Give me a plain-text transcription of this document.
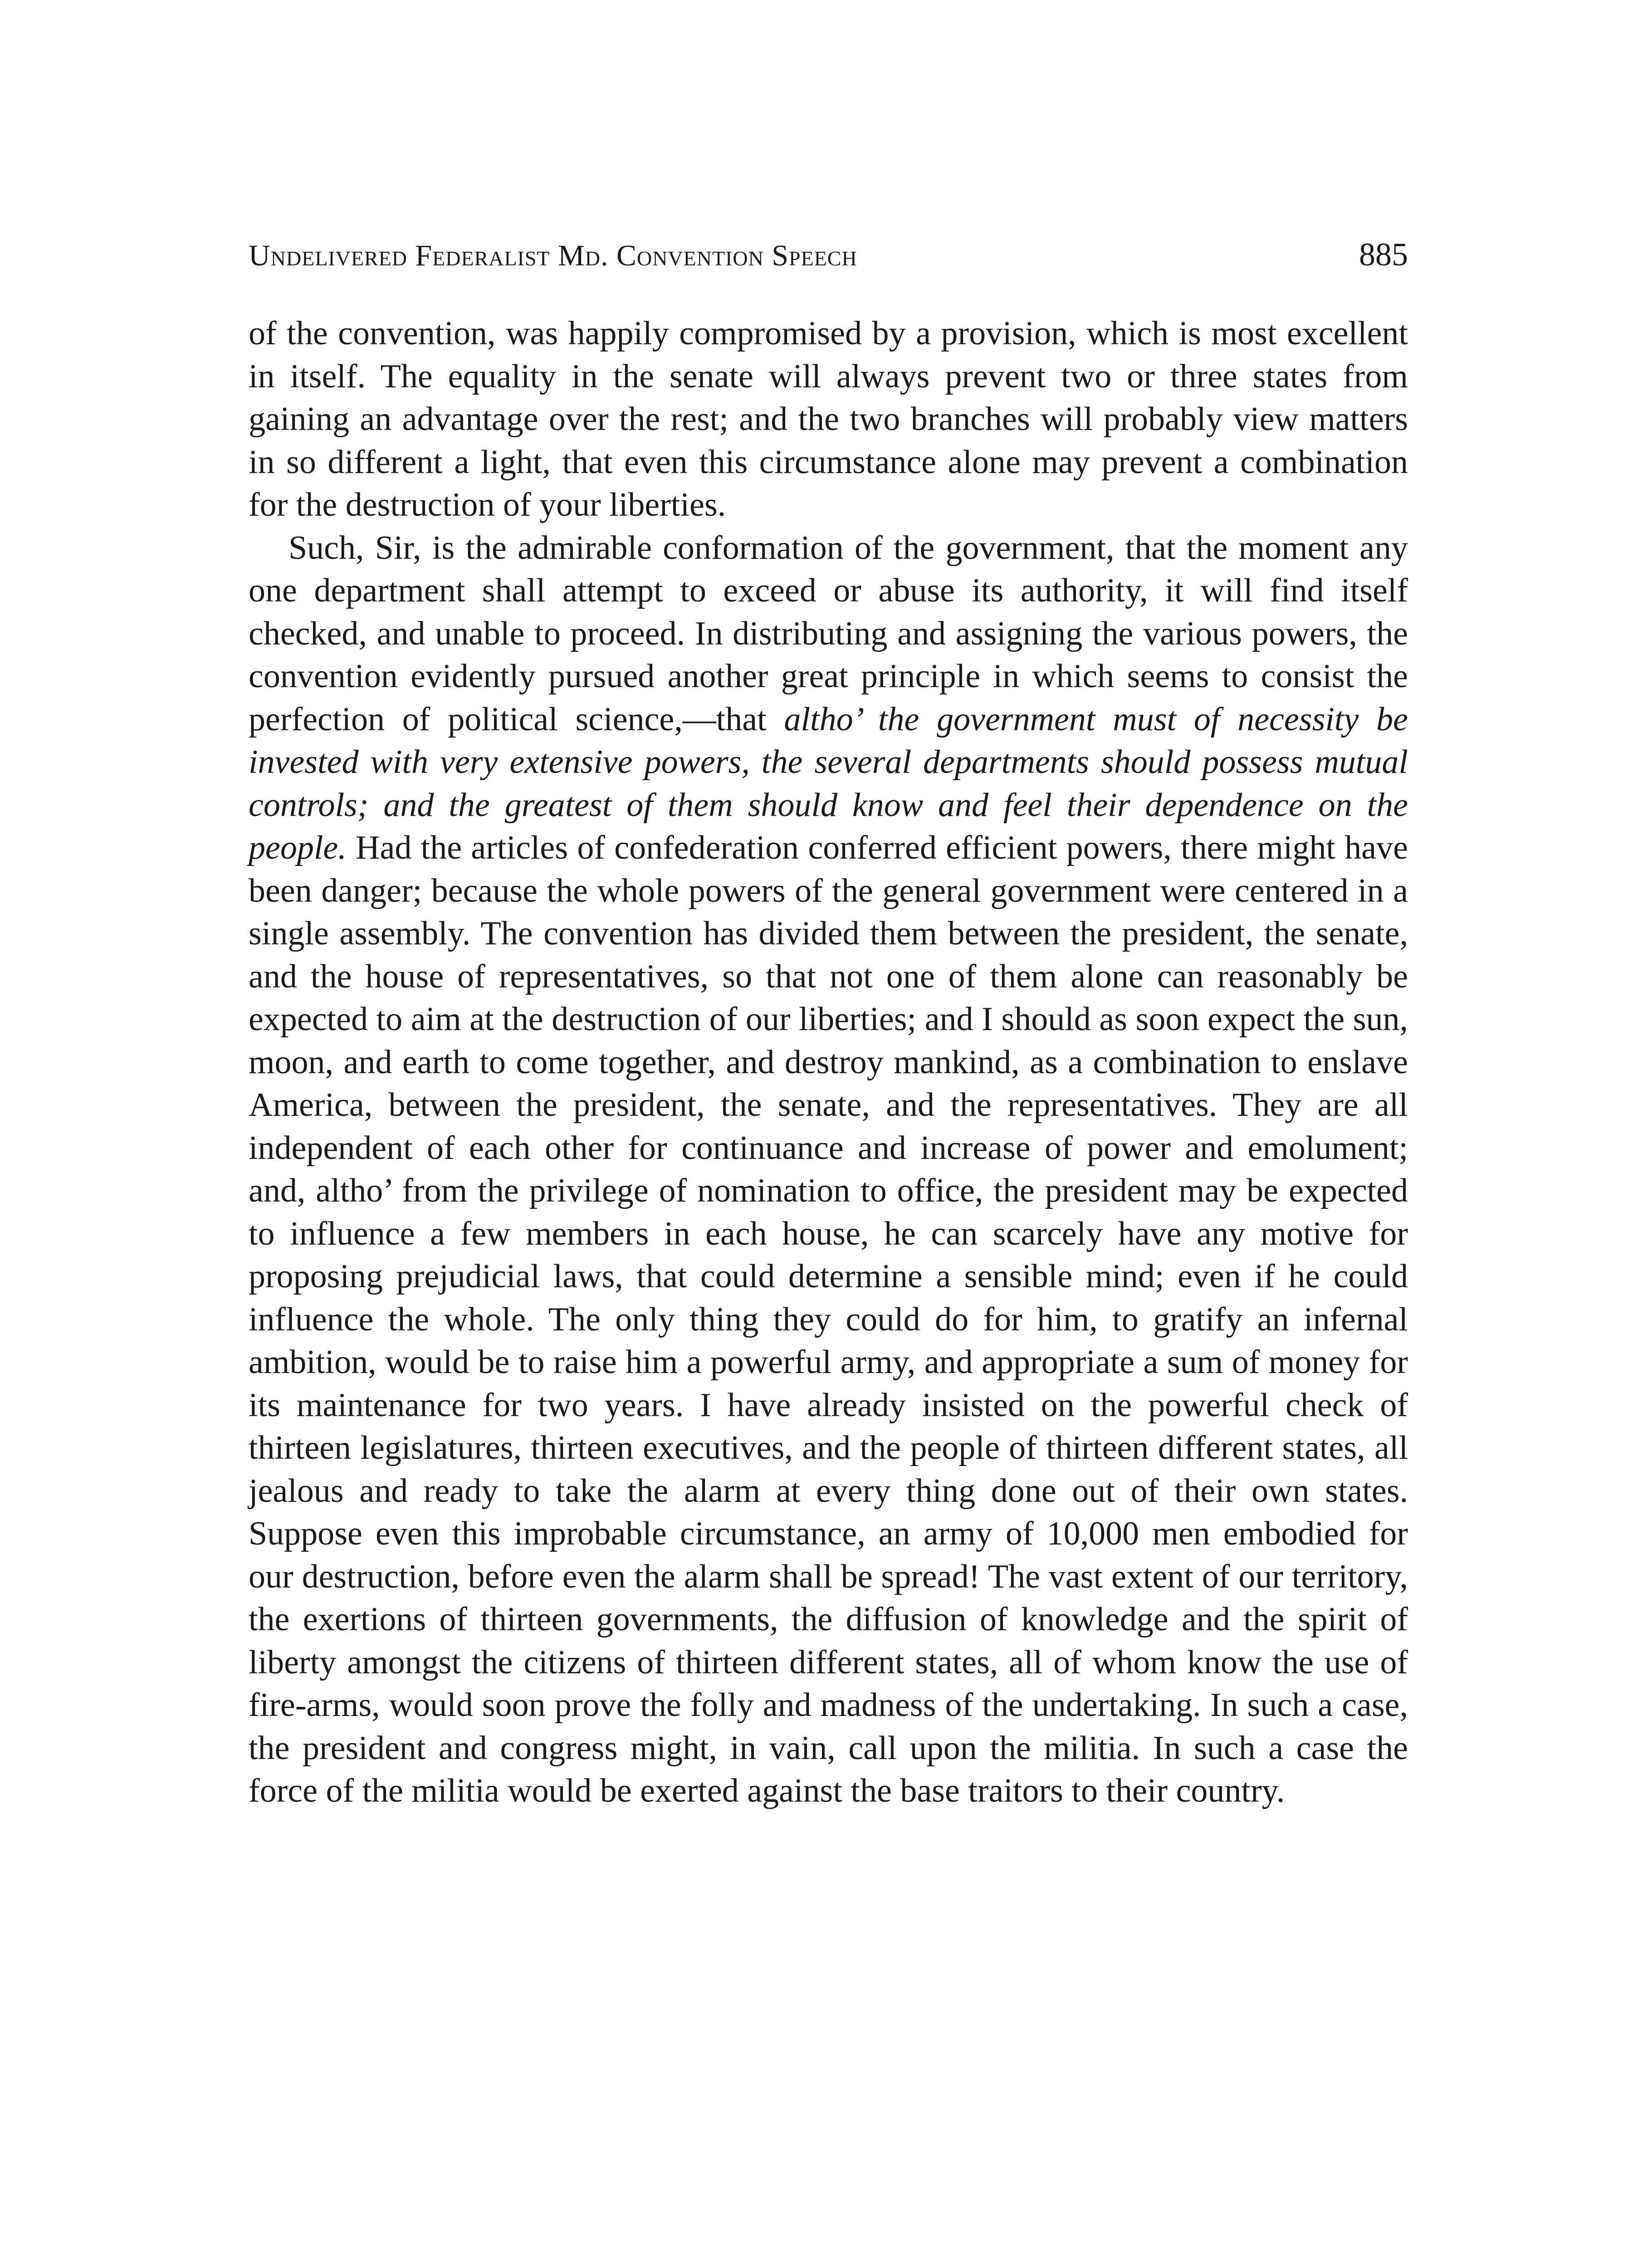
Undelivered Federalist Md. Convention Speech	885

of the convention, was happily compromised by a provision, which is most excellent in itself. The equality in the senate will always prevent two or three states from gaining an advantage over the rest; and the two branches will probably view matters in so different a light, that even this circumstance alone may prevent a combination for the destruction of your liberties.

Such, Sir, is the admirable conformation of the government, that the moment any one department shall attempt to exceed or abuse its authority, it will find itself checked, and unable to proceed. In distributing and assigning the various powers, the convention evidently pursued another great principle in which seems to consist the perfection of political science,—that altho’ the government must of necessity be invested with very extensive powers, the several departments should possess mutual controls; and the greatest of them should know and feel their dependence on the people. Had the articles of confederation conferred efficient powers, there might have been danger; because the whole powers of the general government were centered in a single assembly. The convention has divided them between the president, the senate, and the house of representatives, so that not one of them alone can reasonably be expected to aim at the destruction of our liberties; and I should as soon expect the sun, moon, and earth to come together, and destroy mankind, as a combination to enslave America, between the president, the senate, and the representatives. They are all independent of each other for continuance and increase of power and emolument; and, altho’ from the privilege of nomination to office, the president may be expected to influence a few members in each house, he can scarcely have any motive for proposing prejudicial laws, that could determine a sensible mind; even if he could influence the whole. The only thing they could do for him, to gratify an infernal ambition, would be to raise him a powerful army, and appropriate a sum of money for its maintenance for two years. I have already insisted on the powerful check of thirteen legislatures, thirteen executives, and the people of thirteen different states, all jealous and ready to take the alarm at every thing done out of their own states. Suppose even this improbable circumstance, an army of 10,000 men embodied for our destruction, before even the alarm shall be spread! The vast extent of our territory, the exertions of thirteen governments, the diffusion of knowledge and the spirit of liberty amongst the citizens of thirteen different states, all of whom know the use of fire-arms, would soon prove the folly and madness of the undertaking. In such a case, the president and congress might, in vain, call upon the militia. In such a case the force of the militia would be exerted against the base traitors to their country.
